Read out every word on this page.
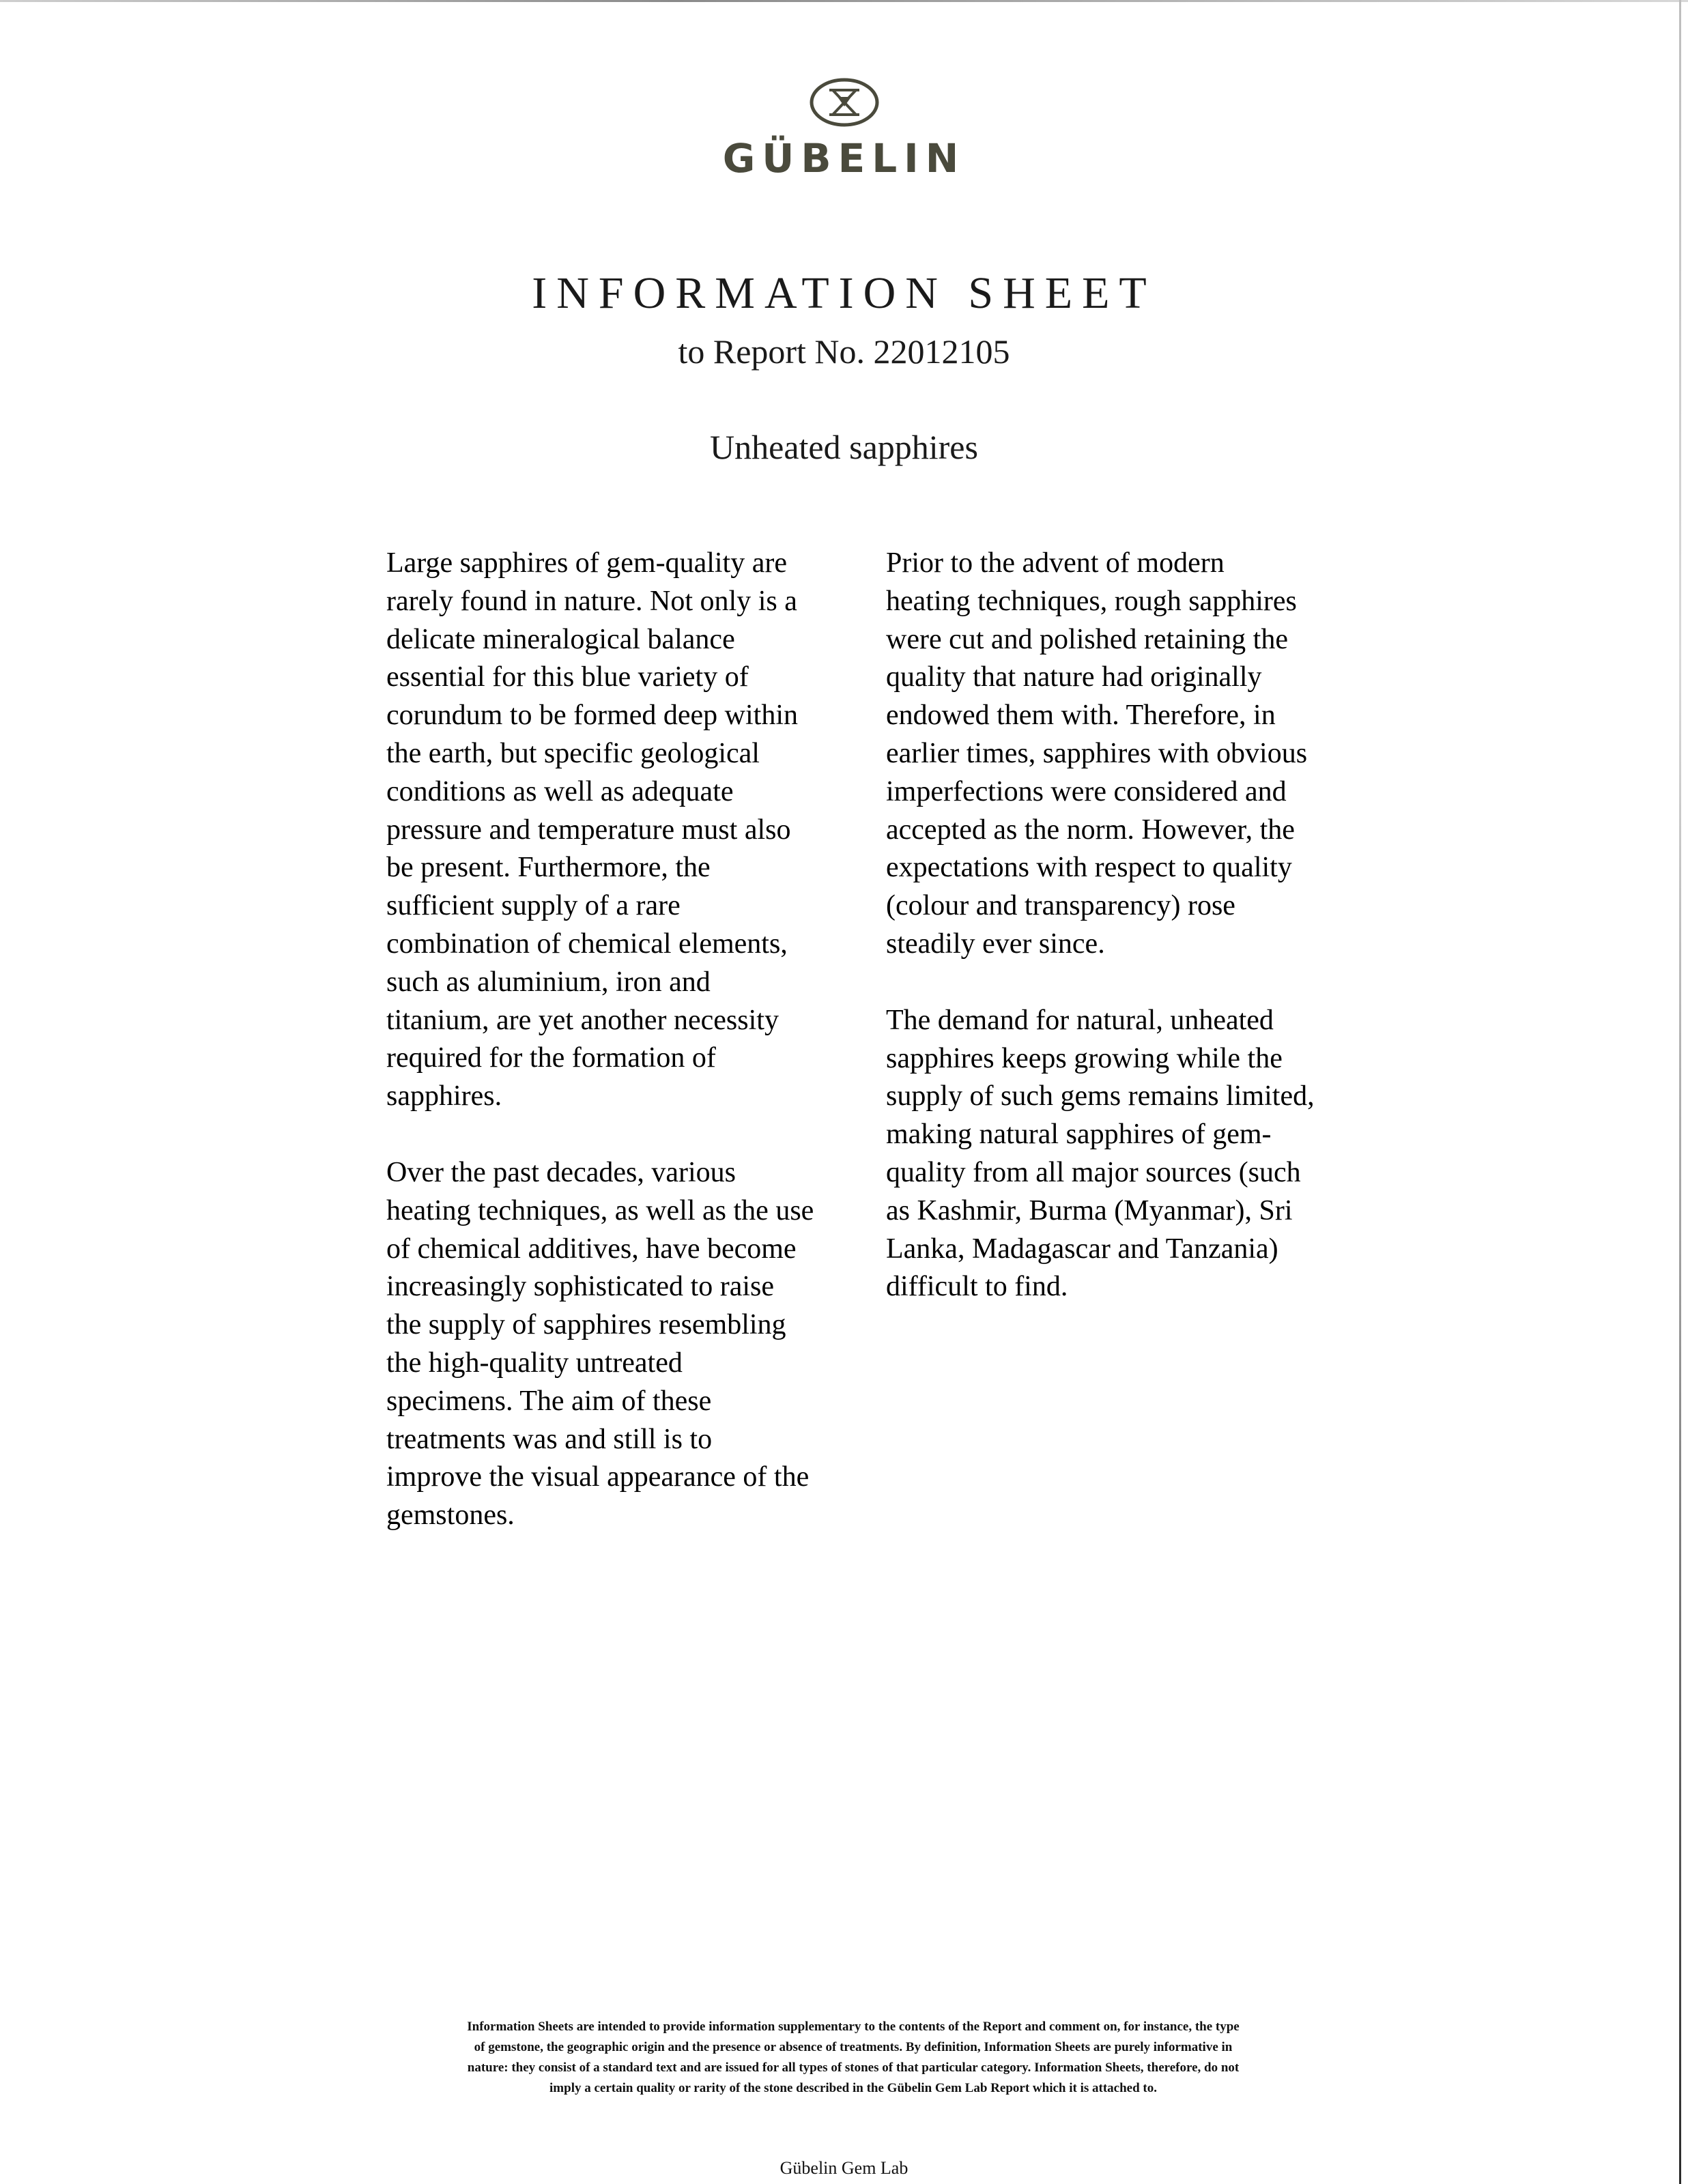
GÜBELIN
INFORMATION SHEET
to Report No. 22012105
Unheated sapphires
Large sapphires of gem-quality are
rarely found in nature. Not only is a
delicate mineralogical balance
essential for this blue variety of
corundum to be formed deep within
the earth, but specific geological
conditions as well as adequate
pressure and temperature must also
be present. Furthermore, the
sufficient supply of a rare
combination of chemical elements,
such as aluminium, iron and
titanium, are yet another necessity
required for the formation of
sapphires.
Over the past decades, various
heating techniques, as well as the use
of chemical additives, have become
increasingly sophisticated to raise
the supply of sapphires resembling
the high-quality untreated
specimens. The aim of these
treatments was and still is to
improve the visual appearance of the
gemstones.
Prior to the advent of modern
heating techniques, rough sapphires
were cut and polished retaining the
quality that nature had originally
endowed them with. Therefore, in
earlier times, sapphires with obvious
imperfections were considered and
accepted as the norm. However, the
expectations with respect to quality
(colour and transparency) rose
steadily ever since.
The demand for natural, unheated
sapphires keeps growing while the
supply of such gems remains limited,
making natural sapphires of gem-
quality from all major sources (such
as Kashmir, Burma (Myanmar), Sri
Lanka, Madagascar and Tanzania)
difficult to find.
Information Sheets are intended to provide information supplementary to the contents of the Report and comment on, for instance, the type
of gemstone, the geographic origin and the presence or absence of treatments. By definition, Information Sheets are purely informative in
nature: they consist of a standard text and are issued for all types of stones of that particular category. Information Sheets, therefore, do not
imply a certain quality or rarity of the stone described in the Gübelin Gem Lab Report which it is attached to.
Gübelin Gem Lab
